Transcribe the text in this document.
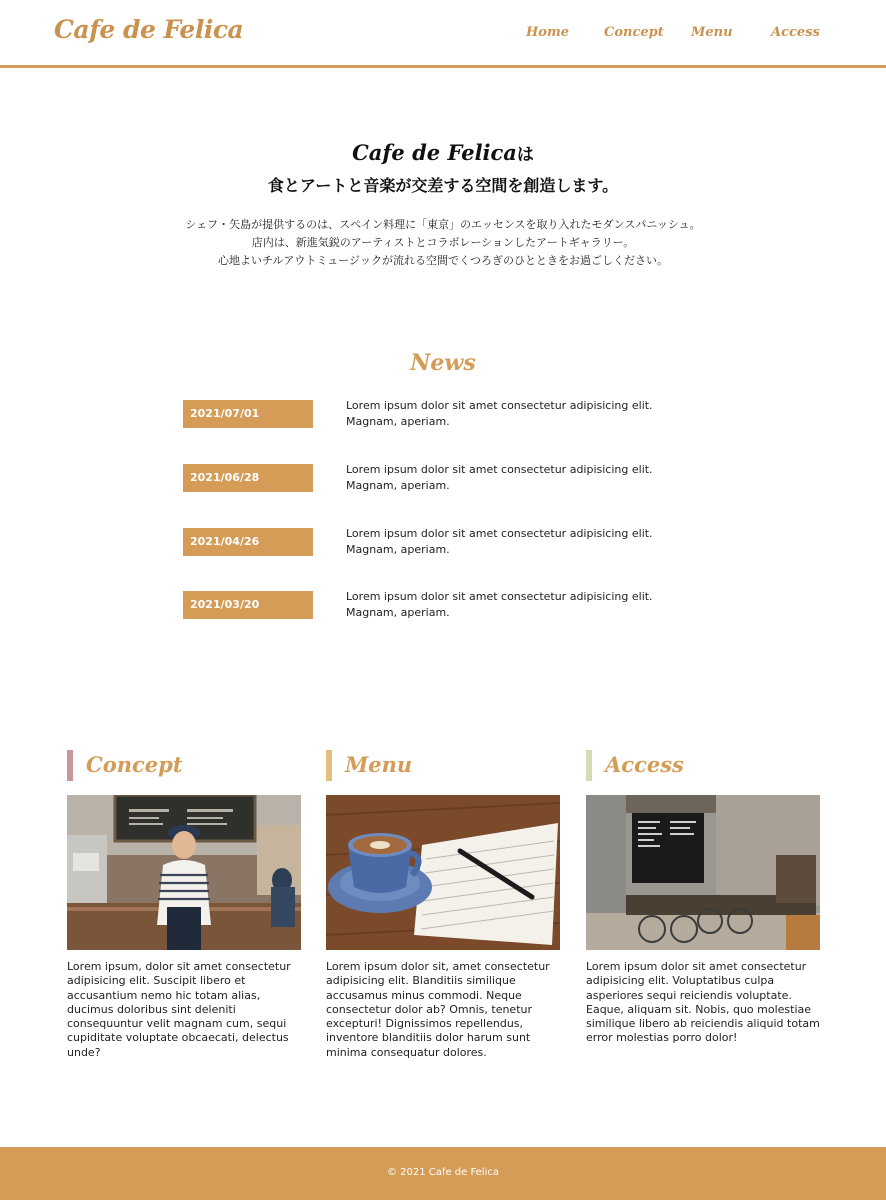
Cafe de Felica	Home	Concept Menu	Access
Cafe de Felicaは
食とアートと音楽が交差する空間を創造します。
シェフ・矢島が提供するのは、スペイン料理に「東京」のエッセンスを取り入れたモダンスパニッシュ。
店内は、新進気鋭のアーティストとコラボレーションしたアートギャラリー。
心地よいチルアウトミュージックが流れる空間でくつろぎのひとときをお過ごしください。
News
2021/07/01
Lorem ipsum dolor sit amet consectetur adipisicing elit. Magnam, aperiam.
2021/06/28
Lorem ipsum dolor sit amet consectetur adipisicing elit. Magnam, aperiam.
2021/04/26
Lorem ipsum dolor sit amet consectetur adipisicing elit. Magnam, aperiam.
2021/03/20
Lorem ipsum dolor sit amet consectetur adipisicing elit. Magnam, aperiam.
Concept
Lorem ipsum, dolor sit amet consectetur adipisicing elit. Suscipit libero et accusantium nemo hic totam alias, ducimus doloribus sint deleniti consequuntur velit magnam cum, sequi cupiditate voluptate obcaecati, delectus unde?
Menu
Lorem ipsum dolor sit, amet consectetur adipisicing elit. Blanditiis similique accusamus minus commodi. Neque consectetur dolor ab? Omnis, tenetur excepturi! Dignissimos repellendus, inventore blanditiis dolor harum sunt minima consequatur dolores.
Access
Lorem ipsum dolor sit amet consectetur adipisicing elit. Voluptatibus culpa asperiores sequi reiciendis voluptate. Eaque, aliquam sit. Nobis, quo molestiae similique libero ab reiciendis aliquid totam error molestias porro dolor!
© 2021 Cafe de Felica
